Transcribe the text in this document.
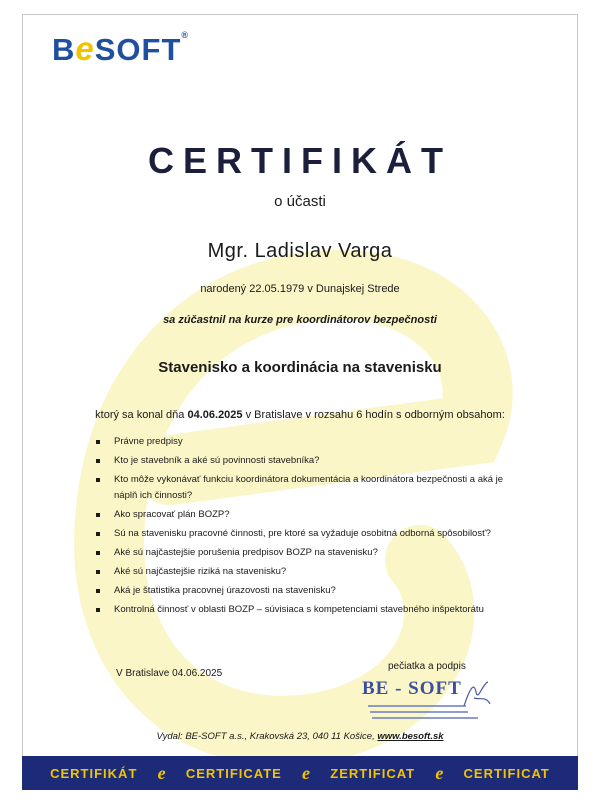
BeSOFT®
CERTIFIKÁT
o účasti
Mgr. Ladislav Varga
narodený 22.05.1979 v Dunajskej Strede
sa zúčastnil na kurze pre koordinátorov bezpečnosti
Stavenisko a koordinácia na stavenisku
ktorý sa konal dňa 04.06.2025 v Bratislave v rozsahu 6 hodín s odborným obsahom:
Právne predpisy
Kto je stavebník a aké sú povinnosti stavebníka?
Kto môže vykonávať funkciu koordinátora dokumentácia a koordinátora bezpečnosti a aká je náplň ich činnosti?
Ako spracovať plán BOZP?
Sú na stavenisku pracovné činnosti, pre ktoré sa vyžaduje osobitná odborná spôsobilosť?
Aké sú najčastejšie porušenia predpisov BOZP na stavenisku?
Aké sú najčastejšie riziká na stavenisku?
Aká je štatistika pracovnej úrazovosti na stavenisku?
Kontrolná činnosť v oblasti BOZP – súvisiaca s kompetenciami stavebného inšpektorátu
V Bratislave 04.06.2025
pečiatka a podpis
BE - SOFT
Vydal: BE-SOFT a.s., Krakovská 23, 040 11 Košice, www.besoft.sk
CERTIFIKÁT e CERTIFICATE e ZERTIFICAT e CERTIFICAT
